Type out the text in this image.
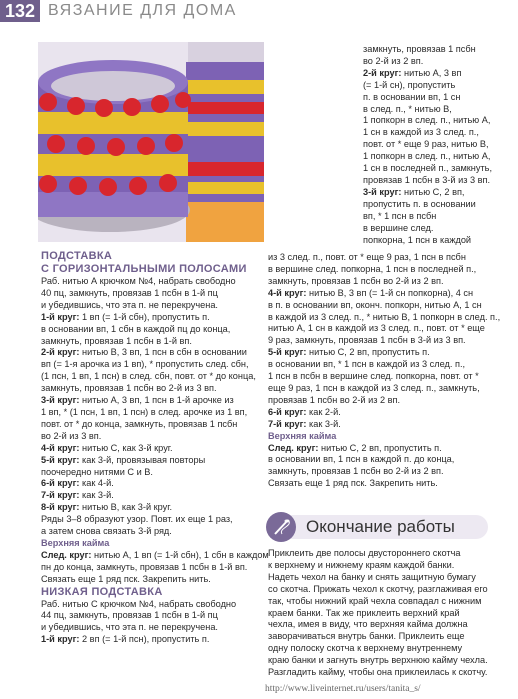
132 ВЯЗАНИЕ ДЛЯ ДОМА
ПОДСТАВКА
С ГОРИЗОНТАЛЬНЫМИ ПОЛОСАМИ
Раб. нитью А крючком №4, набрать свободно
40 пц, замкнуть, провязав 1 псбн в 1-й пц
и убедившись, что эта п. не перекручена.
1-й круг: 1 вп (= 1-й сбн), пропустить п.
в основании вп, 1 сбн в каждой пц до конца,
замкнуть, провязав 1 псбн в 1-й вп.
2-й круг: нитью В, 3 вп, 1 псн в сбн в основании
вп (= 1-я арочка из 1 вп), * пропустить след. сбн,
(1 псн, 1 вп, 1 псн) в след. сбн, повт. от * до конца,
замкнуть, провязав 1 псбн во 2-й из 3 вп.
3-й круг: нитью А, 3 вп, 1 псн в 1-й арочке из
1 вп, * (1 псн, 1 вп, 1 псн) в след. арочке из 1 вп,
повт. от * до конца, замкнуть, провязав 1 псбн
во 2-й из 3 вп.
4-й круг: нитью С, как 3-й круг.
5-й круг: как 3-й, провязывая повторы
поочередно нитями С и В.
6-й круг: как 4-й.
7-й круг: как 3-й.
8-й круг: нитью В, как 3-й круг.
Ряды 3–8 образуют узор. Повт. их еще 1 раз,
а затем снова связать 3-й ряд.
Верхняя кайма
След. круг: нитью А, 1 вп (= 1-й сбн), 1 сбн в каждом
пн до конца, замкнуть, провязав 1 псбн в 1-й вп.
Связать еще 1 ряд пск. Закрепить нить.
НИЗКАЯ ПОДСТАВКА
Раб. нитью С крючком №4, набрать свободно
44 пц, замкнуть, провязав 1 псбн в 1-й пц
и убедившись, что эта п. не перекручена.
1-й круг: 2 вп (= 1-й псн), пропустить п.
замкнуть, провязав 1 псбн
во 2-й из 2 вп.
2-й круг: нитью А, 3 вп
(= 1-й сн), пропустить
п. в основании вп, 1 сн
в след. п., * нитью В,
1 попкорн в след. п., нитью А,
1 сн в каждой из 3 след. п.,
повт. от * еще 9 раз, нитью В,
1 попкорн в след. п., нитью А,
1 сн в последней п., замкнуть,
провязав 1 псбн в 3-й из 3 вп.
3-й круг: нитью С, 2 вп,
пропустить п. в основании
вп, * 1 псн в псбн
в вершине след.
попкорна, 1 псн в каждой
из 3 след. п., повт. от * еще 9 раз, 1 псн в псбн
в вершине след. попкорна, 1 псн в последней п.,
замкнуть, провязав 1 псбн во 2-й из 2 вп.
4-й круг: нитью В, 3 вп (= 1-й сн попкорна), 4 сн
в п. в основании вп, оконч. попкорн, нитью А, 1 сн
в каждой из 3 след. п., * нитью В, 1 попкорн в след. п.,
нитью А, 1 сн в каждой из 3 след. п., повт. от * еще
9 раз, замкнуть, провязав 1 псбн в 3-й из 3 вп.
5-й круг: нитью С, 2 вп, пропустить п.
в основании вп, * 1 псн в каждой из 3 след. п.,
1 псн в псбн в вершине след. попкорна, повт. от *
еще 9 раз, 1 псн в каждой из 3 след. п., замкнуть,
провязав 1 псбн во 2-й из 2 вп.
6-й круг: как 2-й.
7-й круг: как 3-й.
Верхняя кайма
След. круг: нитью С, 2 вп, пропустить п.
в основании вп, 1 псн в каждой п. до конца,
замкнуть, провязав 1 псбн во 2-й из 2 вп.
Связать еще 1 ряд пск. Закрепить нить.
Окончание работы
Приклеить две полосы двустороннего скотча
к верхнему и нижнему краям каждой банки.
Надеть чехол на банку и снять защитную бумагу
со скотча. Прижать чехол к скотчу, разглаживая его
так, чтобы нижний край чехла совпадал с нижним
краем банки. Так же приклеить верхний край
чехла, имея в виду, что верхняя кайма должна
заворачиваться внутрь банки. Приклеить еще
одну полоску скотча к верхнему внутреннему
краю банки и загнуть внутрь верхнюю кайму чехла.
Разгладить кайму, чтобы она приклеилась к скотчу.
http://www.liveinternet.ru/users/tanita_s/
